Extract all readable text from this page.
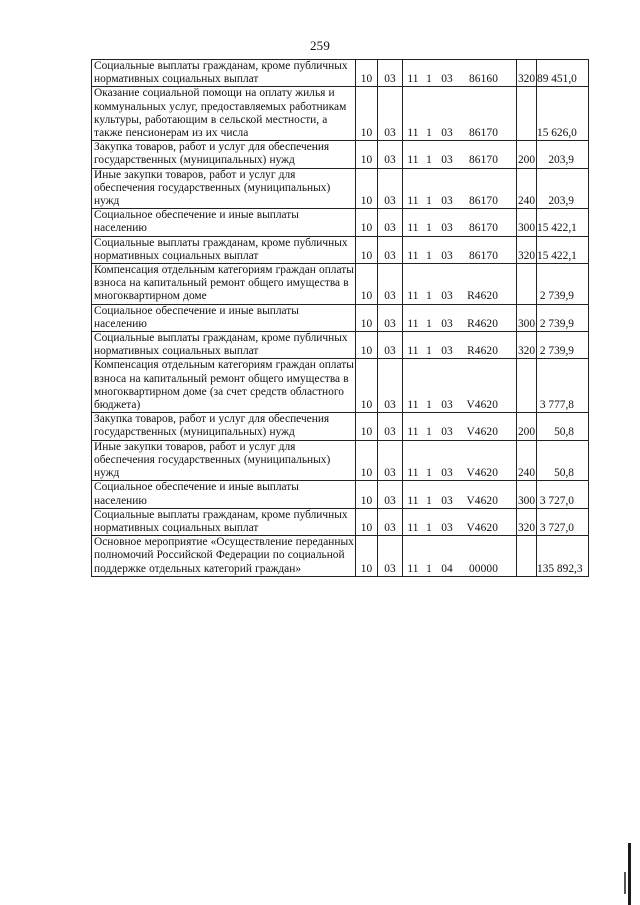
259
Социальные выплаты гражданам, кроме публичных нормативных социальных выплат	10	03	11 1 03 86160	320	89 451,0
Оказание социальной помощи на оплату жилья и коммунальных услуг, предоставляемых работникам культуры, работающим в сельской местности, а также пенсионерам из их числа	10	03	11 1 03 86170		15 626,0
Закупка товаров, работ и услуг для обеспечения государственных (муниципальных) нужд	10	03	11 1 03 86170	200	203,9
Иные закупки товаров, работ и услуг для обеспечения государственных (муниципальных) нужд	10	03	11 1 03 86170	240	203,9
Социальное обеспечение и иные выплаты населению	10	03	11 1 03 86170	300	15 422,1
Социальные выплаты гражданам, кроме публичных нормативных социальных выплат	10	03	11 1 03 86170	320	15 422,1
Компенсация отдельным категориям граждан оплаты взноса на капитальный ремонт общего имущества в многоквартирном доме	10	03	11 1 03 R4620		2 739,9
Социальное обеспечение и иные выплаты населению	10	03	11 1 03 R4620	300	2 739,9
Социальные выплаты гражданам, кроме публичных нормативных социальных выплат	10	03	11 1 03 R4620	320	2 739,9
Компенсация отдельным категориям граждан оплаты взноса на капитальный ремонт общего имущества в многоквартирном доме (за счет средств областного бюджета)	10	03	11 1 03 V4620		3 777,8
Закупка товаров, работ и услуг для обеспечения государственных (муниципальных) нужд	10	03	11 1 03 V4620	200	50,8
Иные закупки товаров, работ и услуг для обеспечения государственных (муниципальных) нужд	10	03	11 1 03 V4620	240	50,8
Социальное обеспечение и иные выплаты населению	10	03	11 1 03 V4620	300	3 727,0
Социальные выплаты гражданам, кроме публичных нормативных социальных выплат	10	03	11 1 03 V4620	320	3 727,0
Основное мероприятие «Осуществление переданных полномочий Российской Федерации по социальной поддержке отдельных категорий граждан»	10	03	11 1 04 00000		135 892,3
